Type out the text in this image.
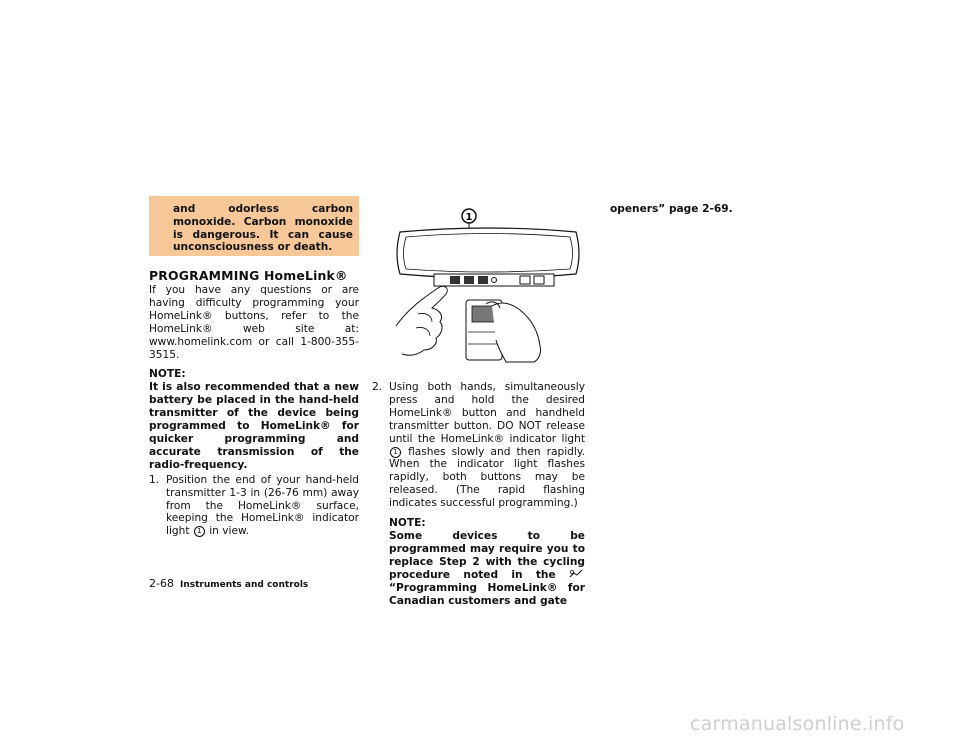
and odorless carbon monoxide. Carbon monoxide is dangerous. It can cause unconsciousness or death.
PROGRAMMING HomeLink®

If you have any questions or are having difficulty programming your HomeLink® buttons, refer to the HomeLink® web site at: www.homelink.com or call 1-800-355-3515.

NOTE:

It is also recommended that a new battery be placed in the hand-held transmitter of the device being programmed to HomeLink® for quicker programming and accurate transmission of the radio-frequency.

1. Position the end of your hand-held transmitter 1-3 in (26-76 mm) away from the HomeLink® surface, keeping the HomeLink® indicator light 1 in view.
1
2. Using both hands, simultaneously press and hold the desired HomeLink® button and handheld transmitter button. DO NOT release until the HomeLink® indicator light 1 flashes slowly and then rapidly. When the indicator light flashes rapidly, both buttons may be released. (The rapid flashing indicates successful programming.)

NOTE:

Some devices to be programmed may require you to replace Step 2 with the cycling procedure noted in the  “Programming HomeLink® for Canadian customers and gate

openers” page 2-69.

2-68 Instruments and controls
carmanualsonline.info
